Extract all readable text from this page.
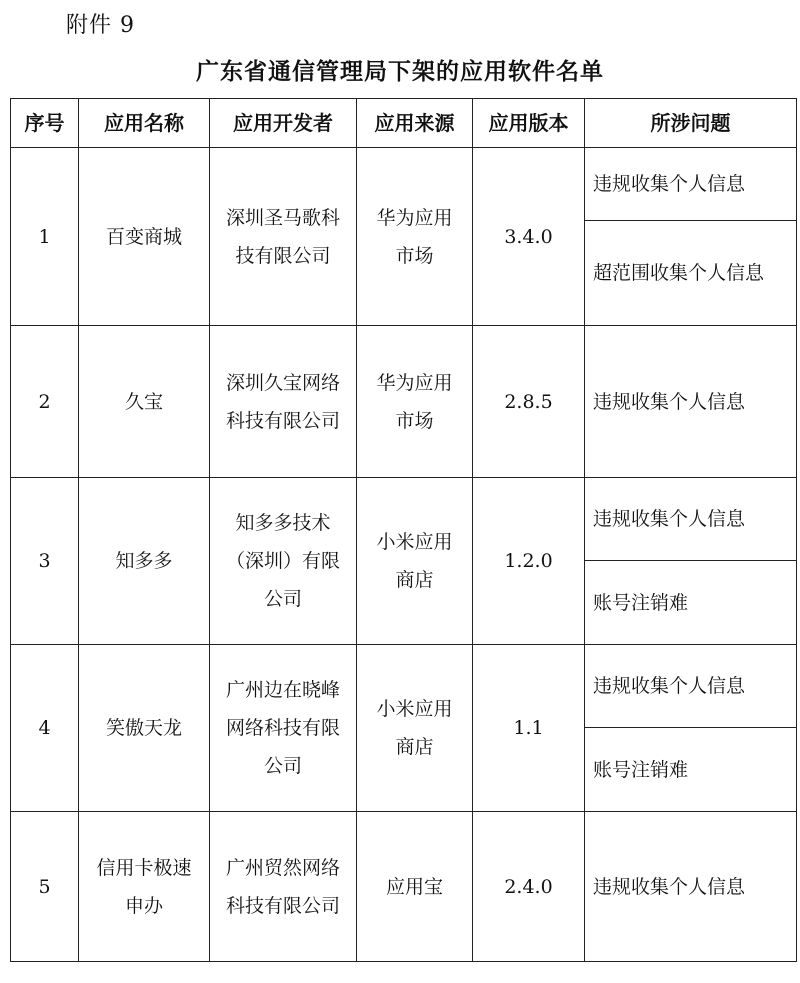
附件 9
广东省通信管理局下架的应用软件名单
序号	应用名称	应用开发者	应用来源	应用版本	所涉问题
1	百变商城	深圳圣马歌科技有限公司	华为应用市场	3.4.0	违规收集个人信息
					超范围收集个人信息
2	久宝	深圳久宝网络科技有限公司	华为应用市场	2.8.5	违规收集个人信息
3	知多多	知多多技术（深圳）有限公司	小米应用商店	1.2.0	违规收集个人信息
					账号注销难
4	笑傲天龙	广州边在晓峰网络科技有限公司	小米应用商店	1.1	违规收集个人信息
					账号注销难
5	信用卡极速申办	广州贸然网络科技有限公司	应用宝	2.4.0	违规收集个人信息
